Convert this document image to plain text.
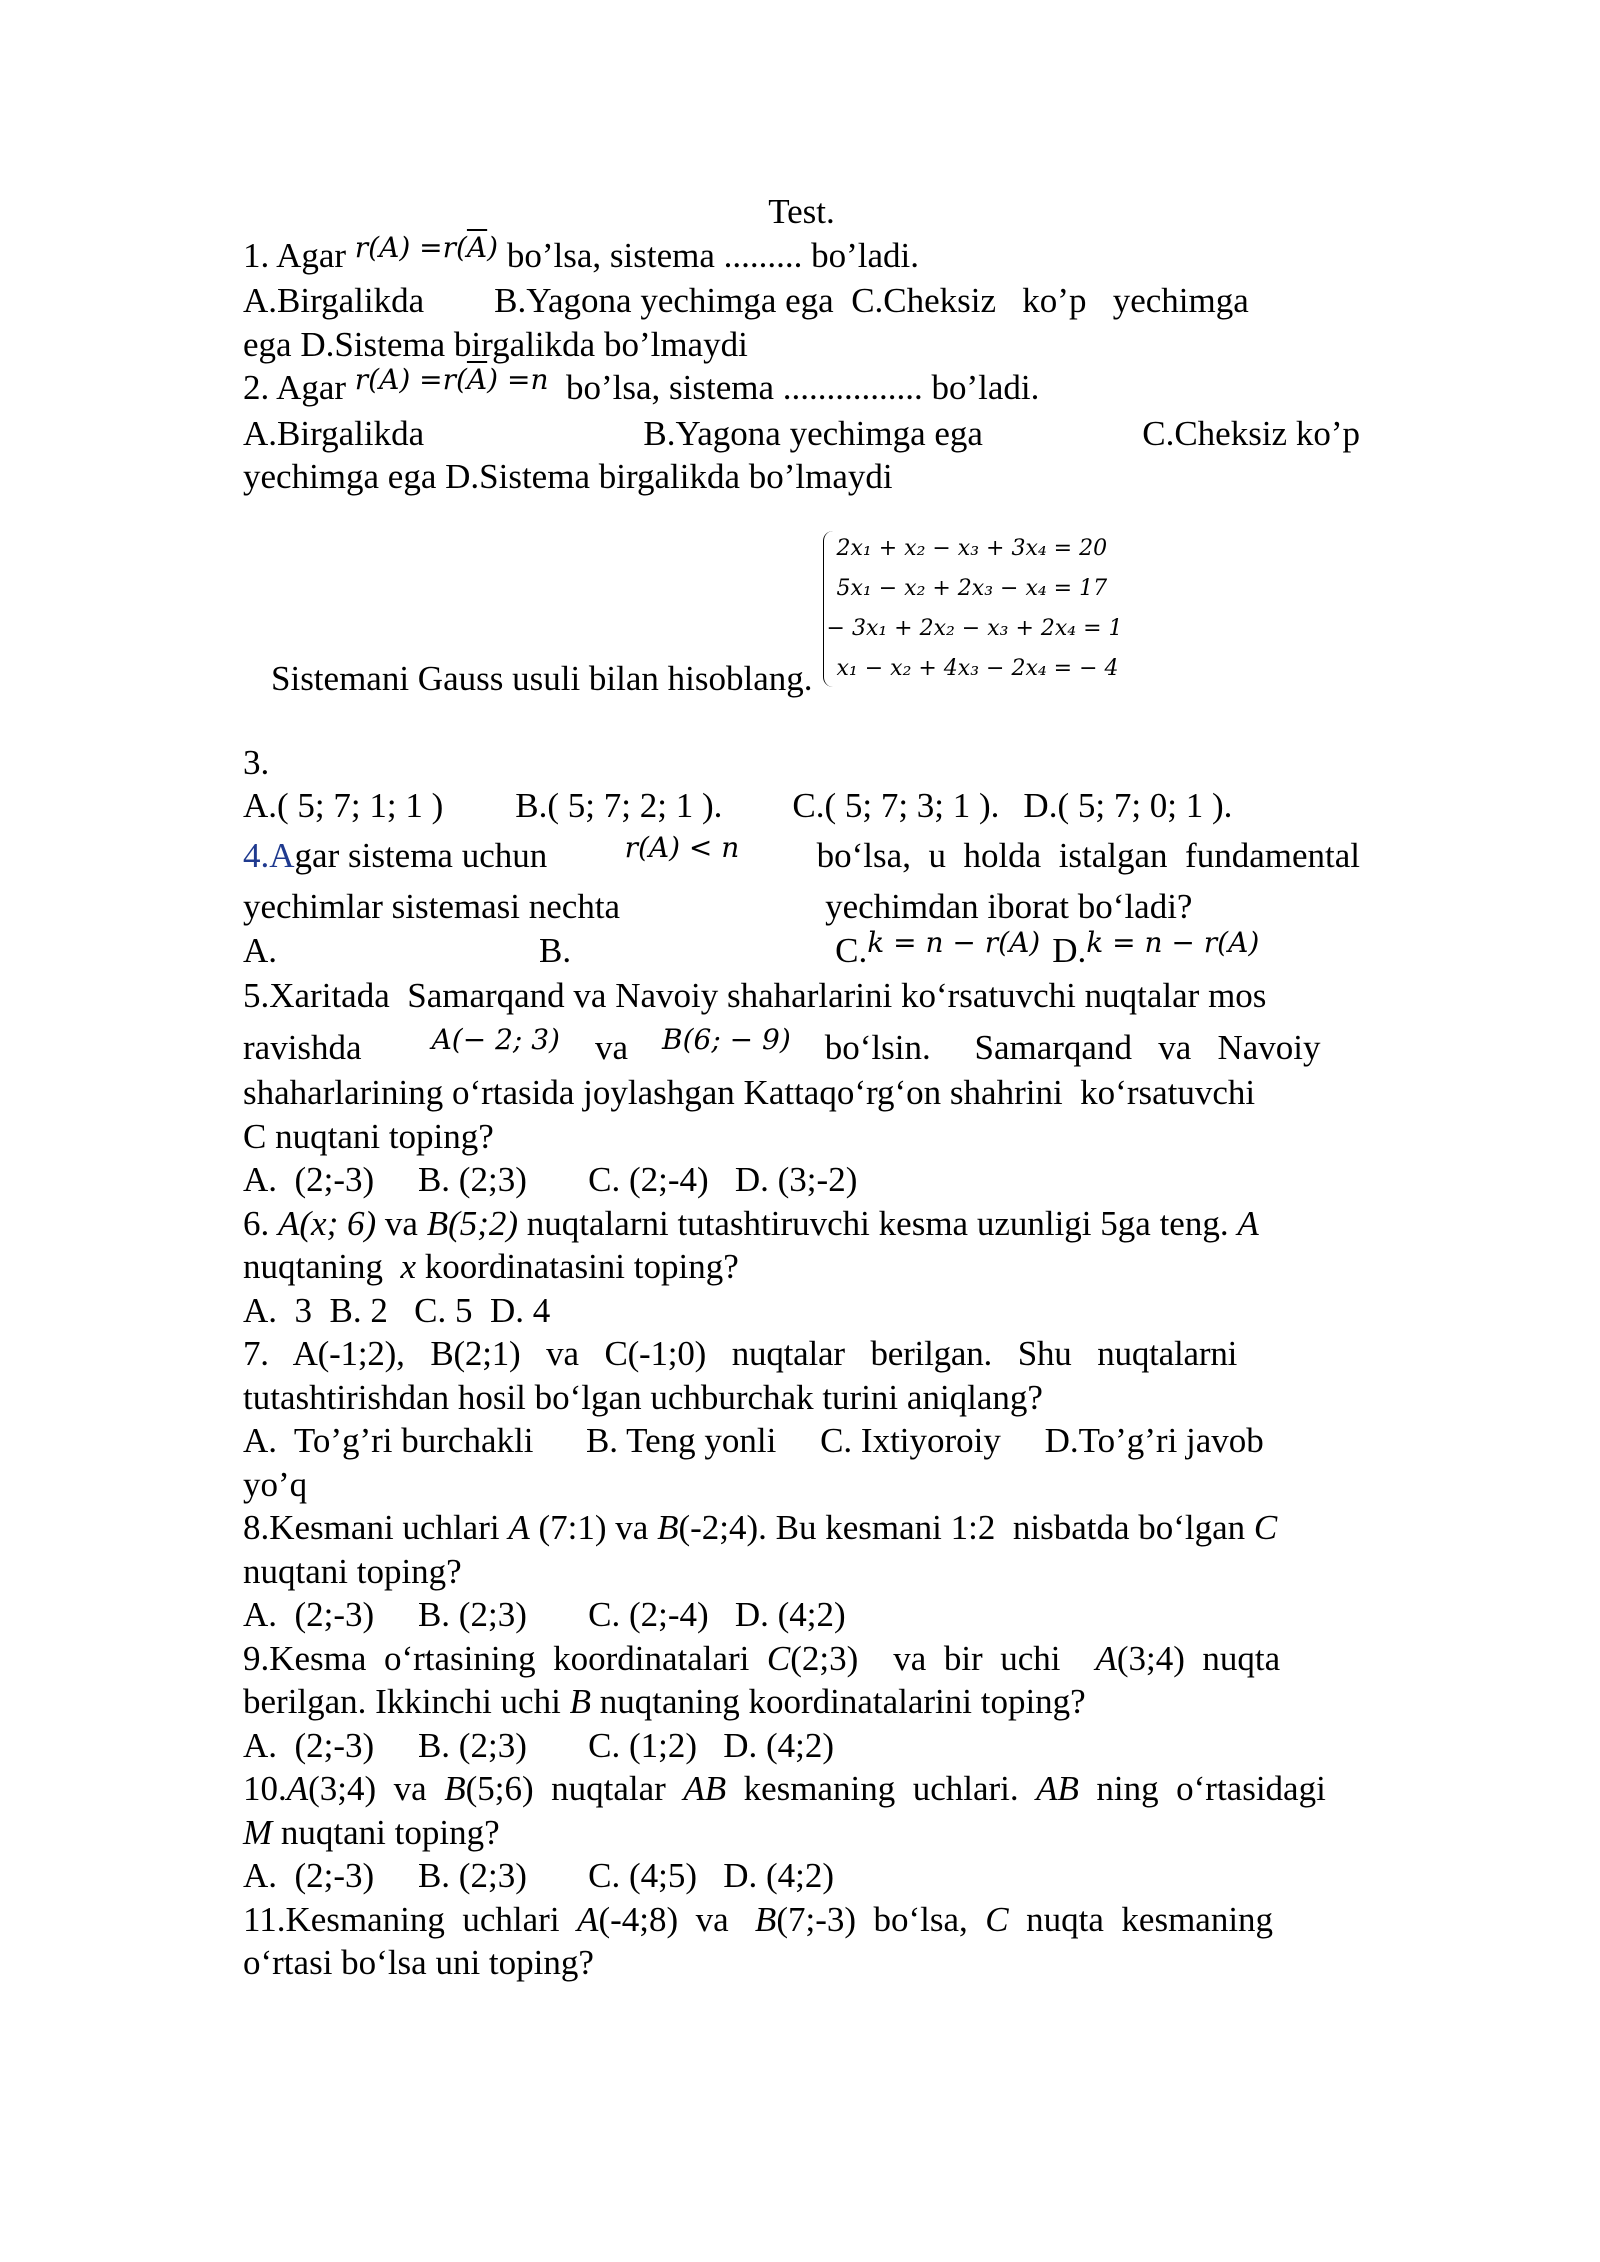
Test.
1. Agar $^{r(A) =r(\overline{A})}$ bo’lsa, sistema ......... bo’ladi.
A.Birgalikda        B.Yagona yechimga ega  C.Cheksiz   ko’p   yechimga
ega D.Sistema birgalikda bo’lmaydi
2. Agar $^{r(A) =r(\overline{A}) =n}$ bo’lsa, sistema ................ bo’ladi.
A.Birgalikda	B.Yagona yechimga ega	C.Cheksiz ko’p
yechimga ega D.Sistema birgalikda bo’lmaydi
Sistemani Gauss usuli bilan hisoblang.
2x₁ + x₂ − x₃ + 3x₄ = 20
5x₁ − x₂ + 2x₃ − x₄ = 17
− 3x₁ + 2x₂ − x₃ + 2x₄ = 1
x₁ − x₂ + 4x₃ − 2x₄ = − 4
3.
A.( 5; 7; 1; 1 ) B.( 5; 7; 2; 1 ). C.( 5; 7; 3; 1 ). D.( 5; 7; 0; 1 ).
4.Agar sistema uchun	r(A) < n bo‘lsa,  u  holda  istalgan  fundamental
yechimlar sistemasi nechta	yechimdan iborat bo‘ladi?
A.	B.	C. k = n − r(A) D. k = n − r(A)
5.Xaritada  Samarqand va Navoiy shaharlarini ko‘rsatuvchi nuqtalar mos
ravishda	A(− 2; 3) va B(6; − 9) bo‘lsin.     Samarqand   va   Navoiy
shaharlarining o‘rtasida joylashgan Kattaqo‘rg‘on shahrini  ko‘rsatuvchi
C nuqtani toping?
A.  (2;-3)     B. (2;3)       C. (2;-4)   D. (3;-2)
6. A(x; 6) va B(5;2) nuqtalarni tutashtiruvchi kesma uzunligi 5ga teng. A
nuqtaning  x koordinatasini toping?
A.  3  B. 2   C. 5  D. 4
7.   A(-1;2),   B(2;1)   va   C(-1;0)   nuqtalar   berilgan.   Shu   nuqtalarni
tutashtirishdan hosil bo‘lgan uchburchak turini aniqlang?
A.  To’g’ri burchakli      B. Teng yonli     C. Ixtiyoroiy     D.To’g’ri javob
yo’q
8.Kesmani uchlari A (7:1) va B(-2;4). Bu kesmani 1:2  nisbatda bo‘lgan C
nuqtani toping?
A.  (2;-3)     B. (2;3)       C. (2;-4)   D. (4;2)
9.Kesma  o‘rtasining  koordinatalari  C(2;3)    va  bir  uchi    A(3;4)  nuqta
berilgan. Ikkinchi uchi B nuqtaning koordinatalarini toping?
A.  (2;-3)     B. (2;3)       C. (1;2)   D. (4;2)
10.A(3;4)  va  B(5;6)  nuqtalar  AB  kesmaning  uchlari.  AB  ning  o‘rtasidagi
M nuqtani toping?
A.  (2;-3)     B. (2;3)       C. (4;5)   D. (4;2)
11.Kesmaning  uchlari  A(-4;8)  va   B(7;-3)  bo‘lsa,  C  nuqta  kesmaning
o‘rtasi bo‘lsa uni toping?
